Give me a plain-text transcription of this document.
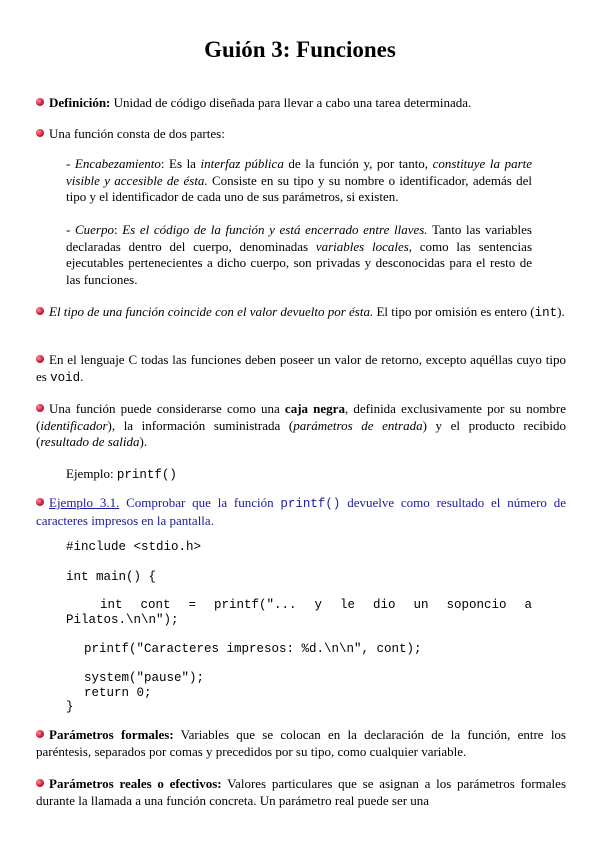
Guión 3: Funciones

Definición: Unidad de código diseñada para llevar a cabo una tarea determinada.

Una función consta de dos partes:

- Encabezamiento: Es la interfaz pública de la función y, por tanto, constituye la parte visible y accesible de ésta. Consiste en su tipo y su nombre o identificador, además del tipo y el identificador de cada uno de sus parámetros, si existen.

- Cuerpo: Es el código de la función y está encerrado entre llaves. Tanto las variables declaradas dentro del cuerpo, denominadas variables locales, como las sentencias ejecutables pertenecientes a dicho cuerpo, son privadas y desconocidas para el resto de las funciones.

El tipo de una función coincide con el valor devuelto por ésta. El tipo por omisión es entero (int).

En el lenguaje C todas las funciones deben poseer un valor de retorno, excepto aquéllas cuyo tipo es void.

Una función puede considerarse como una caja negra, definida exclusivamente por su nombre (identificador), la información suministrada (parámetros de entrada) y el producto recibido (resultado de salida).

Ejemplo: printf()

Ejemplo 3.1. Comprobar que la función printf() devuelve como resultado el número de caracteres impresos en la pantalla.

#include <stdio.h>
int main() {
int cont = printf("... y le dio un soponcio a
Pilatos.\n\n");
printf("Caracteres impresos: %d.\n\n", cont);
system("pause");
return 0;
}

Parámetros formales: Variables que se colocan en la declaración de la función, entre los paréntesis, separados por comas y precedidos por su tipo, como cualquier variable.

Parámetros reales o efectivos: Valores particulares que se asignan a los parámetros formales durante la llamada a una función concreta. Un parámetro real puede ser una
